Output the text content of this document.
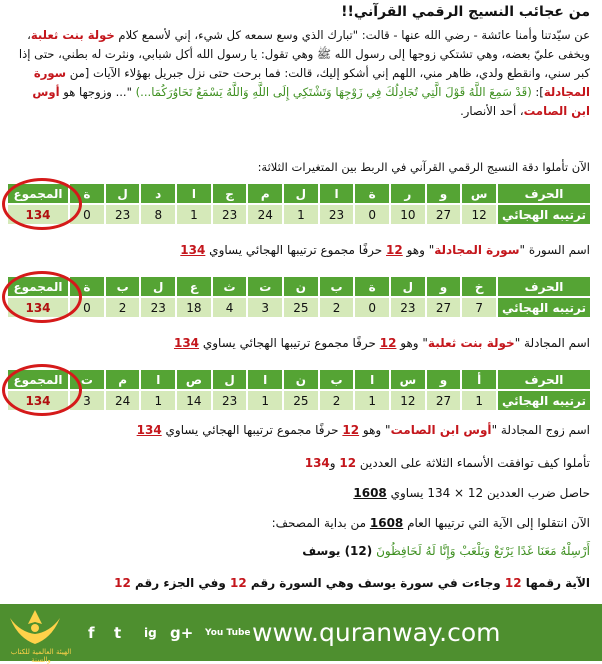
من عجائب النسيج الرقمي القرآني!!
عن سيّدتنا وأمنا عائشة - رضي الله عنها - قالت: "تبارك الذي وسع سمعه كل شيء، إني لأسمع كلام خولة بنت ثعلبة، ويخفى عليّ بعضه، وهي تشتكي زوجها إلى رسول الله ﷺ وهي تقول: يا رسول الله أكل شبابي، ونثرت له بطني، حتى إذا كبر سني، وانقطع ولدي، ظاهر مني، اللهم إني أشكو إليك، قالت: فما برحت حتى نزل جبريل بهؤلاء الآيات [من سورة المجادلة]: (قَدْ سَمِعَ اللَّهُ قَوْلَ الَّتِي تُجَادِلُكَ فِي زَوْجِهَا وَتَشْتَكِي إِلَى اللَّهِ وَاللَّهُ يَسْمَعُ تَحَاوُرَكُمَا...) "... وزوجها هو أوس ابن الصامت، أحد الأنصار.
الآن تأملوا دقة النسيج الرقمي القرآني في الربط بين المتغيرات الثلاثة:
الحرف	س	و	ر	ة	ا	ل	م	ج	ا	د	ل	ة	المجموع
ترتيبه الهجائي	12	27	10	0	23	1	24	23	1	8	23	0	134
اسم السورة "سورة المجادلة" وهو 12 حرفًا مجموع ترتيبها الهجائي يساوي 134
الحرف	خ	و	ل	ة	ب	ن	ت	ث	ع	ل	ب	ة	المجموع
ترتيبه الهجائي	7	27	23	0	2	25	3	4	18	23	2	0	134
اسم المجادلة "خولة بنت ثعلبة" وهو 12 حرفًا مجموع ترتيبها الهجائي يساوي 134
الحرف	أ	و	س	ا	ب	ن	ا	ل	ص	ا	م	ت	المجموع
ترتيبه الهجائي	1	27	12	1	2	25	1	23	14	1	24	3	134
اسم زوج المجادلة "أوس ابن الصامت" وهو 12 حرفًا مجموع ترتيبها الهجائي يساوي 134
تأملوا كيف توافقت الأسماء الثلاثة على العددين 12 و134
حاصل ضرب العددين 12 × 134 يساوي 1608
الآن انتقلوا إلى الآية التي ترتيبها العام 1608 من بداية المصحف:
أَرْسِلْهُ مَعَنَا غَدًا يَرْتَعْ وَيَلْعَبْ وَإِنَّا لَهُ لَحَافِظُونَ (12) يوسف
الآية رقمها 12 وجاءت في سورة يوسف وهي السورة رقم 12 وفي الجزء رقم 12
الهيئة العالمية للكتاب والسنة
f t ig g+ You Tube www.quranway.com
